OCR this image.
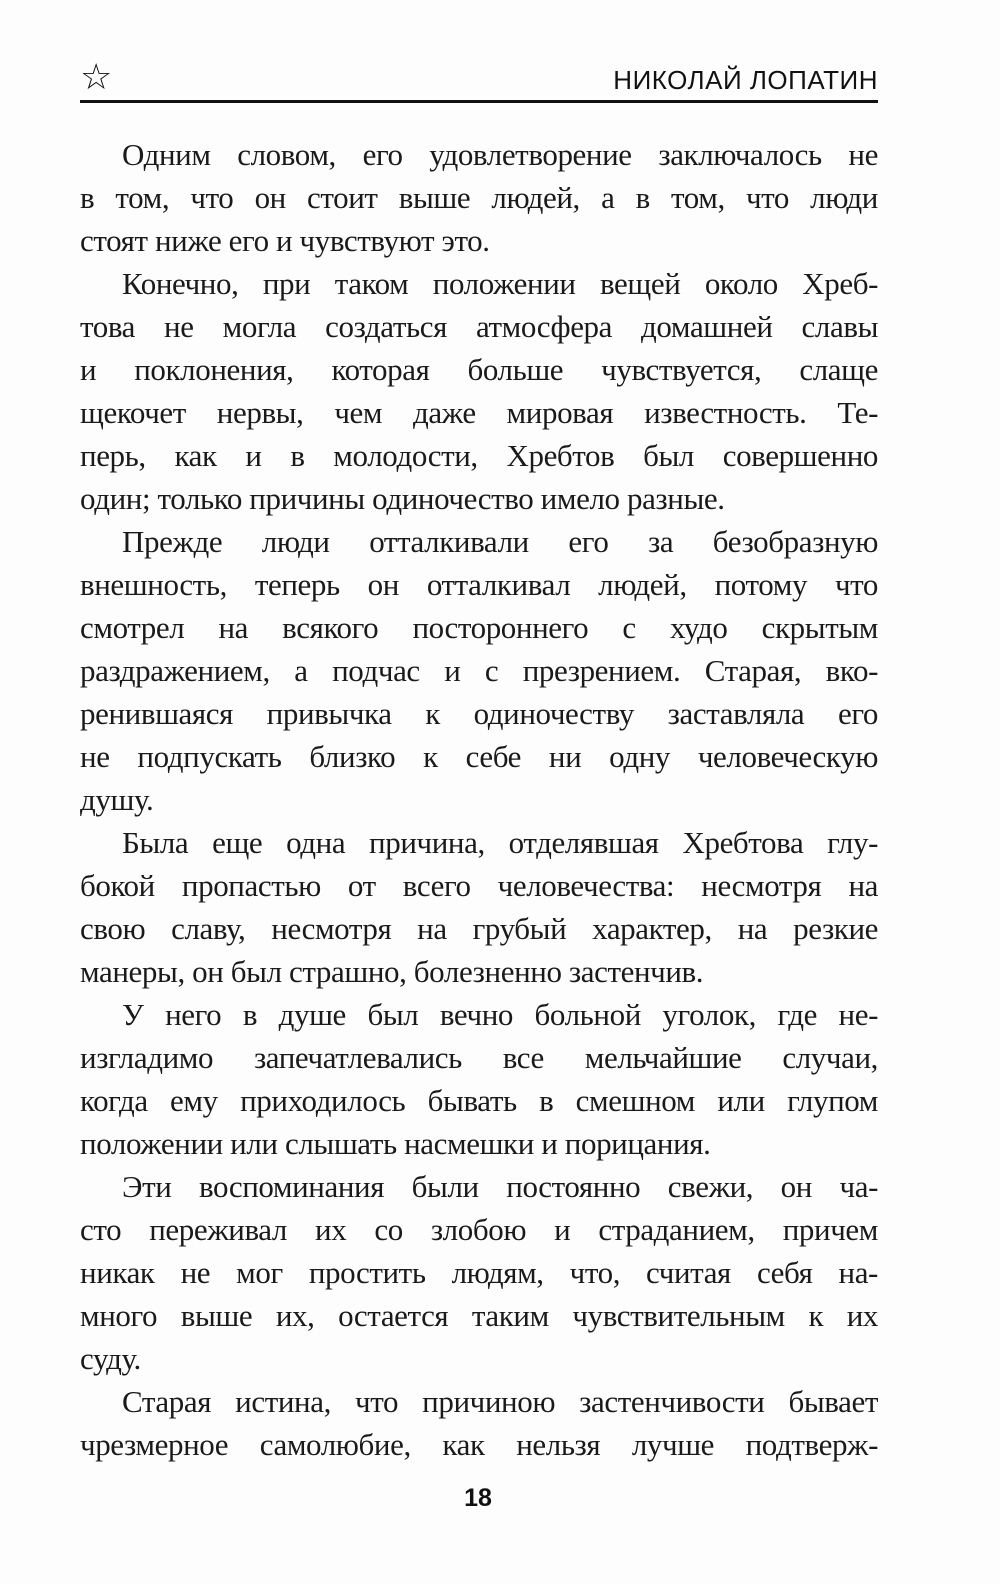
☆	НИКОЛАЙ ЛОПАТИН
Одним словом, его удовлетворение заключалось не
в том, что он стоит выше людей, а в том, что люди
стоят ниже его и чувствуют это.
Конечно, при таком положении вещей около Хреб-
това не могла создаться атмосфера домашней славы
и поклонения, которая больше чувствуется, слаще
щекочет нервы, чем даже мировая известность. Те-
перь, как и в молодости, Хребтов был совершенно
один; только причины одиночество имело разные.
Прежде люди отталкивали его за безобразную
внешность, теперь он отталкивал людей, потому что
смотрел на всякого постороннего с худо скрытым
раздражением, а подчас и с презрением. Старая, вко-
ренившаяся привычка к одиночеству заставляла его
не подпускать близко к себе ни одну человеческую
душу.
Была еще одна причина, отделявшая Хребтова глу-
бокой пропастью от всего человечества: несмотря на
свою славу, несмотря на грубый характер, на резкие
манеры, он был страшно, болезненно застенчив.
У него в душе был вечно больной уголок, где не-
изгладимо запечатлевались все мельчайшие случаи,
когда ему приходилось бывать в смешном или глупом
положении или слышать насмешки и порицания.
Эти воспоминания были постоянно свежи, он ча-
сто переживал их со злобою и страданием, причем
никак не мог простить людям, что, считая себя на-
много выше их, остается таким чувствительным к их
суду.
Старая истина, что причиною застенчивости бывает
чрезмерное самолюбие, как нельзя лучше подтверж-
18
